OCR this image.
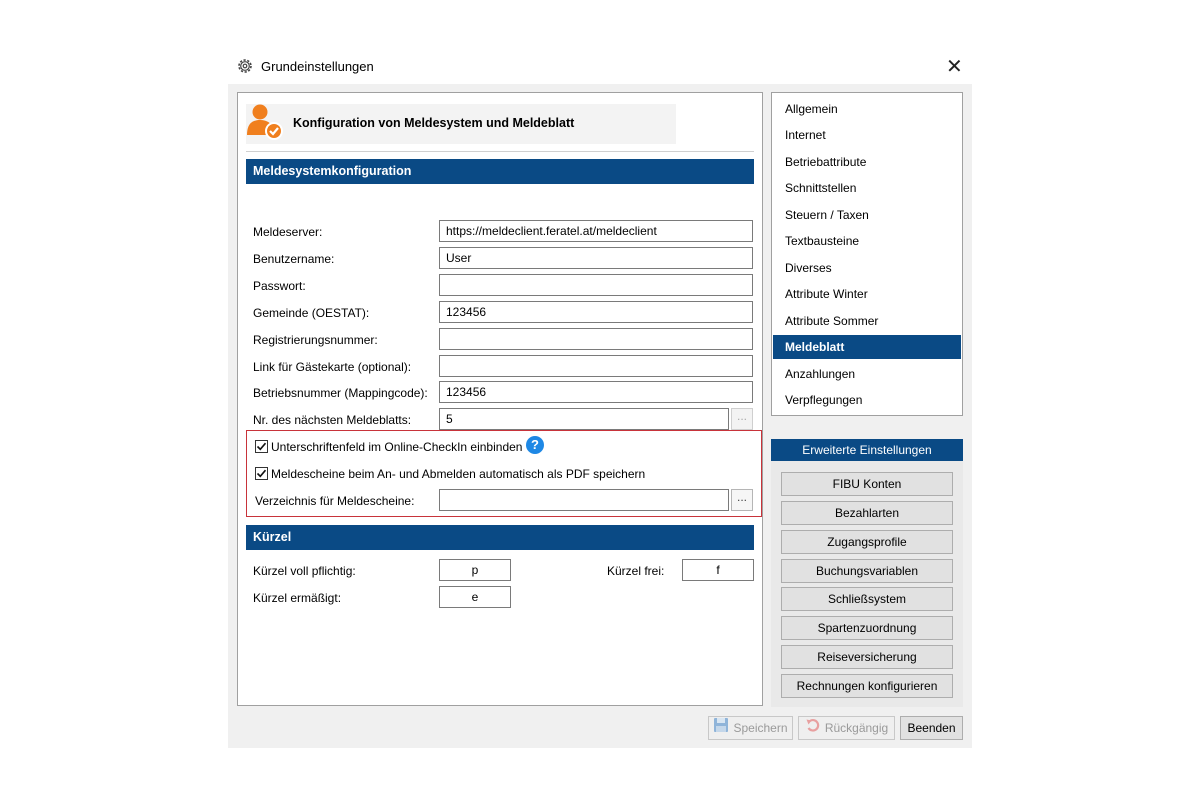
Grundeinstellungen	✕
Konfiguration von Meldesystem und Meldeblatt
Meldesystemkonfiguration
Meldeserver:	https://meldeclient.feratel.at/meldeclient
Benutzername:	User
Passwort:
Gemeinde (OESTAT):	123456
Registrierungsnummer:
Link für Gästekarte (optional):
Betriebsnummer (Mappingcode):	123456
Nr. des nächsten Meldeblatts:	5	...
Unterschriftenfeld im Online-CheckIn einbinden ?
Meldescheine beim An- und Abmelden automatisch als PDF speichern
Verzeichnis für Meldescheine:	...
Kürzel
Kürzel voll pflichtig:	p	Kürzel frei:	f
Kürzel ermäßigt:	e
Allgemein
Internet
Betriebattribute
Schnittstellen
Steuern / Taxen
Textbausteine
Diverses
Attribute Winter
Attribute Sommer
Meldeblatt
Anzahlungen
Verpflegungen
Erweiterte Einstellungen
FIBU Konten
Bezahlarten
Zugangsprofile
Buchungsvariablen
Schließsystem
Spartenzuordnung
Reiseversicherung
Rechnungen konfigurieren
Speichern	Rückgängig	Beenden
